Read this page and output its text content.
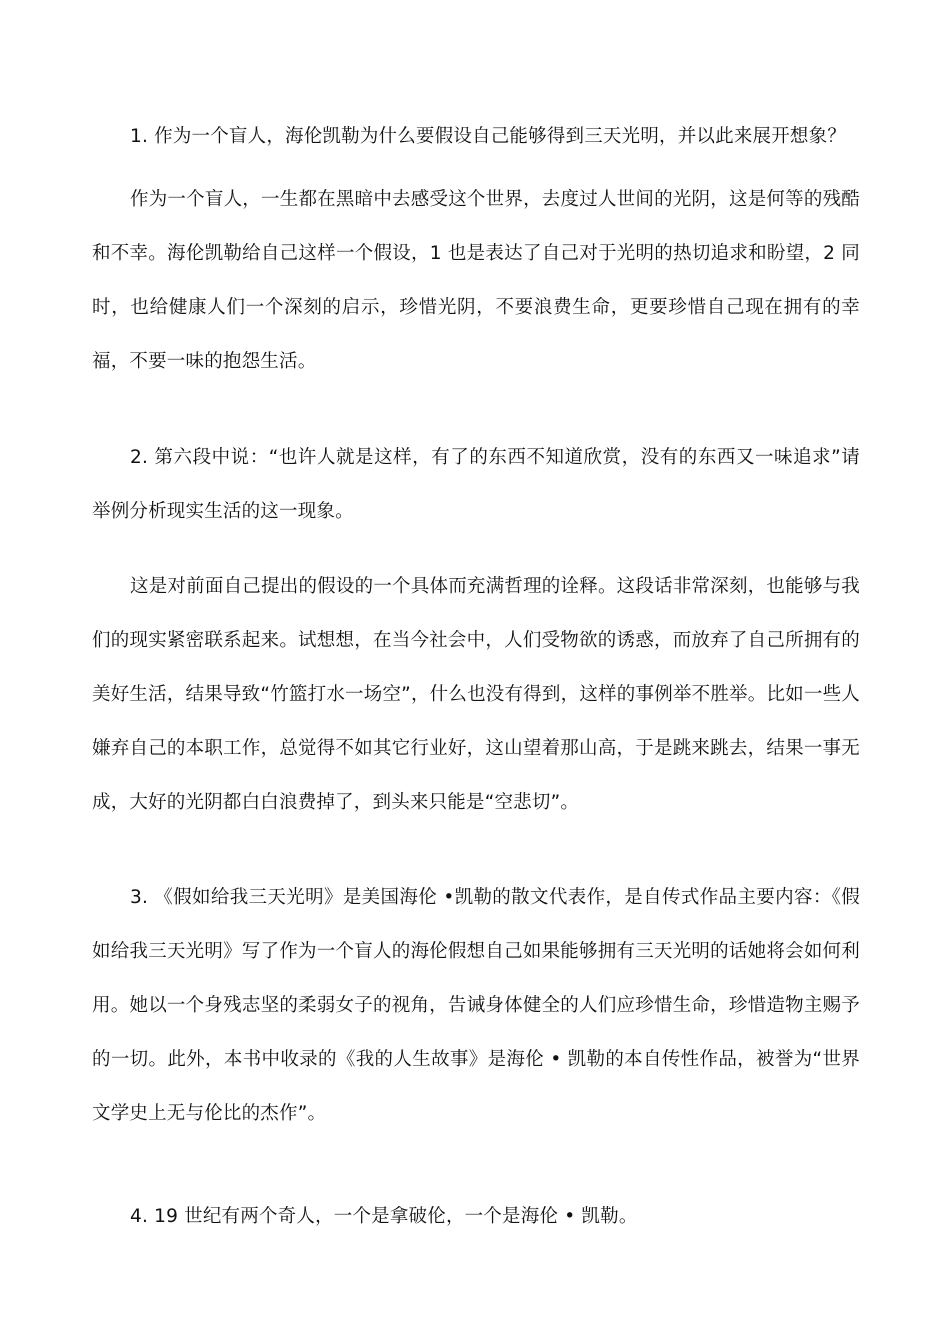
1. 作为一个盲人，海伦凯勒为什么要假设自己能够得到三天光明，并以此来展开想象？

作为一个盲人，一生都在黑暗中去感受这个世界，去度过人世间的光阴，这是何等的残酷和不幸。海伦凯勒给自己这样一个假设，1 也是表达了自己对于光明的热切追求和盼望，2 同时，也给健康人们一个深刻的启示，珍惜光阴，不要浪费生命，更要珍惜自己现在拥有的幸福，不要一味的抱怨生活。

2. 第六段中说：“也许人就是这样，有了的东西不知道欣赏，没有的东西又一味追求”请举例分析现实生活的这一现象。

这是对前面自己提出的假设的一个具体而充满哲理的诠释。这段话非常深刻，也能够与我们的现实紧密联系起来。试想想，在当今社会中，人们受物欲的诱惑，而放弃了自己所拥有的美好生活，结果导致“竹篮打水一场空”，什么也没有得到，这样的事例举不胜举。比如一些人嫌弃自己的本职工作，总觉得不如其它行业好，这山望着那山高，于是跳来跳去，结果一事无成，大好的光阴都白白浪费掉了，到头来只能是“空悲切”。

3. 《假如给我三天光明》是美国海伦 •凯勒的散文代表作，是自传式作品主要内容：《假如给我三天光明》写了作为一个盲人的海伦假想自己如果能够拥有三天光明的话她将会如何利用。她以一个身残志坚的柔弱女子的视角，告诫身体健全的人们应珍惜生命，珍惜造物主赐予的一切。此外，本书中收录的《我的人生故事》是海伦 • 凯勒的本自传性作品，被誉为“世界文学史上无与伦比的杰作”。

4. 19 世纪有两个奇人，一个是拿破伦，一个是海伦 • 凯勒。
